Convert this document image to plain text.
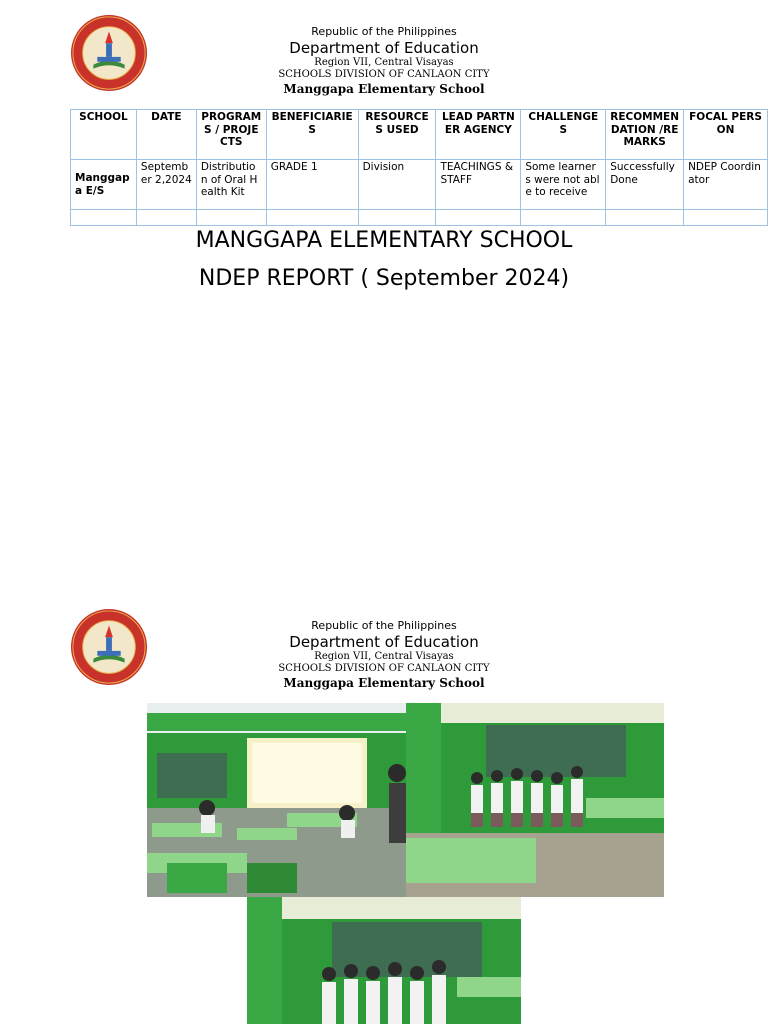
Republic of the Philippines
Department of Education
Region VII, Central Visayas
SCHOOLS DIVISION OF CANLAON CITY
Manggapa Elementary School
SCHOOL	DATE	PROGRAMS / PROJECTS	BENEFICIARIES	RESOURCES USED	LEAD PARTNER AGENCY	CHALLENGES	RECOMMENDATION /REMARKS	FOCAL PERSON
Manggapa E/S	September 2,2024	Distribution of Oral Health Kit	GRADE 1	Division	TEACHINGS & STAFF	Some learners were not able to receive	Successfully Done	NDEP Coordinator

MANGGAPA ELEMENTARY SCHOOL
NDEP REPORT ( September 2024)
Republic of the Philippines
Department of Education
Region VII, Central Visayas
SCHOOLS DIVISION OF CANLAON CITY
Manggapa Elementary School
